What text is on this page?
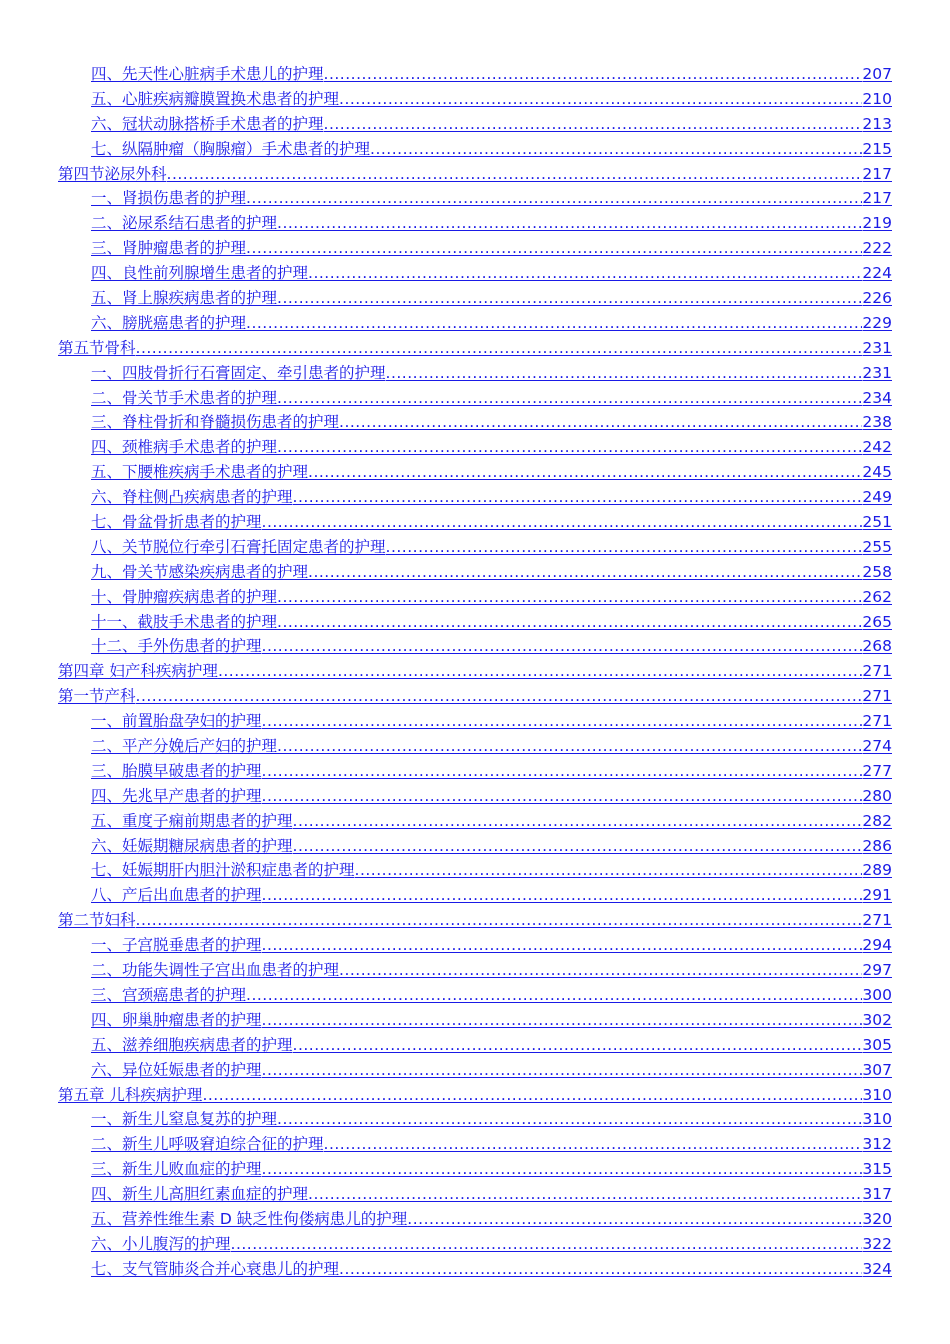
四、先天性心脏病手术患儿的护理 .....	207
五、心脏疾病瓣膜置换术患者的护理 .....	210
六、冠状动脉搭桥手术患者的护理 .....	213
七、纵隔肿瘤（胸腺瘤）手术患者的护理 .....	215
第四节泌尿外科 .....	217
一、肾损伤患者的护理 .....	217
二、泌尿系结石患者的护理 .....	219
三、肾肿瘤患者的护理 .....	222
四、良性前列腺增生患者的护理 .....	224
五、肾上腺疾病患者的护理 .....	226
六、膀胱癌患者的护理 .....	229
第五节骨科 .....	231
一、四肢骨折行石膏固定、牵引患者的护理 .....	231
二、骨关节手术患者的护理 .....	234
三、脊柱骨折和脊髓损伤患者的护理 .....	238
四、颈椎病手术患者的护理 .....	242
五、下腰椎疾病手术患者的护理 .....	245
六、脊柱侧凸疾病患者的护理 .....	249
七、骨盆骨折患者的护理 .....	251
八、关节脱位行牵引石膏托固定患者的护理 .....	255
九、骨关节感染疾病患者的护理 .....	258
十、骨肿瘤疾病患者的护理 .....	262
十一、截肢手术患者的护理 .....	265
十二、手外伤患者的护理 .....	268
第四章 妇产科疾病护理 .....	271
第一节产科 .....	271
一、前置胎盘孕妇的护理 .....	271
二、平产分娩后产妇的护理 .....	274
三、胎膜早破患者的护理 .....	277
四、先兆早产患者的护理 .....	280
五、重度子痫前期患者的护理 .....	282
六、妊娠期糖尿病患者的护理 .....	286
七、妊娠期肝内胆汁淤积症患者的护理 .....	289
八、产后出血患者的护理 .....	291
第二节妇科 .....	271
一、子宫脱垂患者的护理 .....	294
二、功能失调性子宫出血患者的护理 .....	297
三、宫颈癌患者的护理 .....	300
四、卵巢肿瘤患者的护理 .....	302
五、滋养细胞疾病患者的护理 .....	305
六、异位妊娠患者的护理 .....	307
第五章 儿科疾病护理 .....	310
一、新生儿窒息复苏的护理 .....	310
二、新生儿呼吸窘迫综合征的护理 .....	312
三、新生儿败血症的护理 .....	315
四、新生儿高胆红素血症的护理 .....	317
五、营养性维生素 D 缺乏性佝偻病患儿的护理 .....	320
六、小儿腹泻的护理 .....	322
七、支气管肺炎合并心衰患儿的护理 .....	324
